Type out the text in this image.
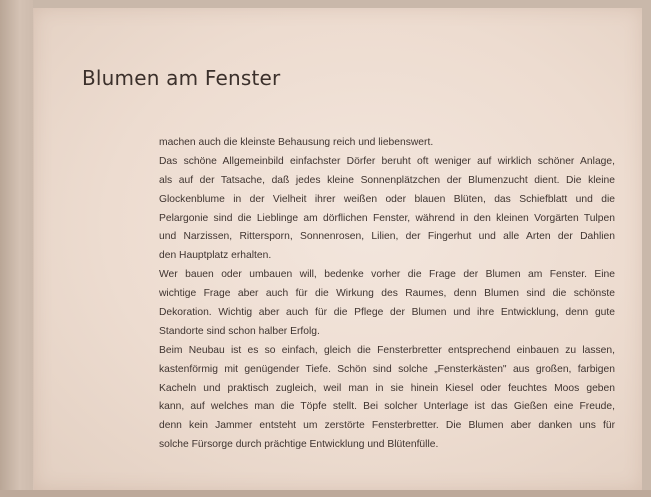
Blumen am Fenster
machen auch die kleinste Behausung reich und liebenswert.
Das schöne Allgemeinbild einfachster Dörfer beruht oft weniger auf wirklich schöner Anlage,
als auf der Tatsache, daß jedes kleine Sonnenplätzchen der Blumenzucht dient. Die kleine
Glockenblume in der Vielheit ihrer weißen oder blauen Blüten, das Schiefblatt und die
Pelargonie sind die Lieblinge am dörflichen Fenster, während in den kleinen Vorgärten Tulpen
und Narzissen, Rittersporn, Sonnenrosen, Lilien, der Fingerhut und alle Arten der Dahlien
den Hauptplatz erhalten.
Wer bauen oder umbauen will, bedenke vorher die Frage der Blumen am Fenster. Eine
wichtige Frage aber auch für die Wirkung des Raumes, denn Blumen sind die schönste
Dekoration. Wichtig aber auch für die Pflege der Blumen und ihre Entwicklung, denn gute
Standorte sind schon halber Erfolg.
Beim Neubau ist es so einfach, gleich die Fensterbretter entsprechend einbauen zu lassen,
kastenförmig mit genügender Tiefe. Schön sind solche „Fensterkästen" aus großen, farbigen
Kacheln und praktisch zugleich, weil man in sie hinein Kiesel oder feuchtes Moos geben
kann, auf welches man die Töpfe stellt. Bei solcher Unterlage ist das Gießen eine Freude,
denn kein Jammer entsteht um zerstörte Fensterbretter. Die Blumen aber danken uns für
solche Fürsorge durch prächtige Entwicklung und Blütenfülle.
